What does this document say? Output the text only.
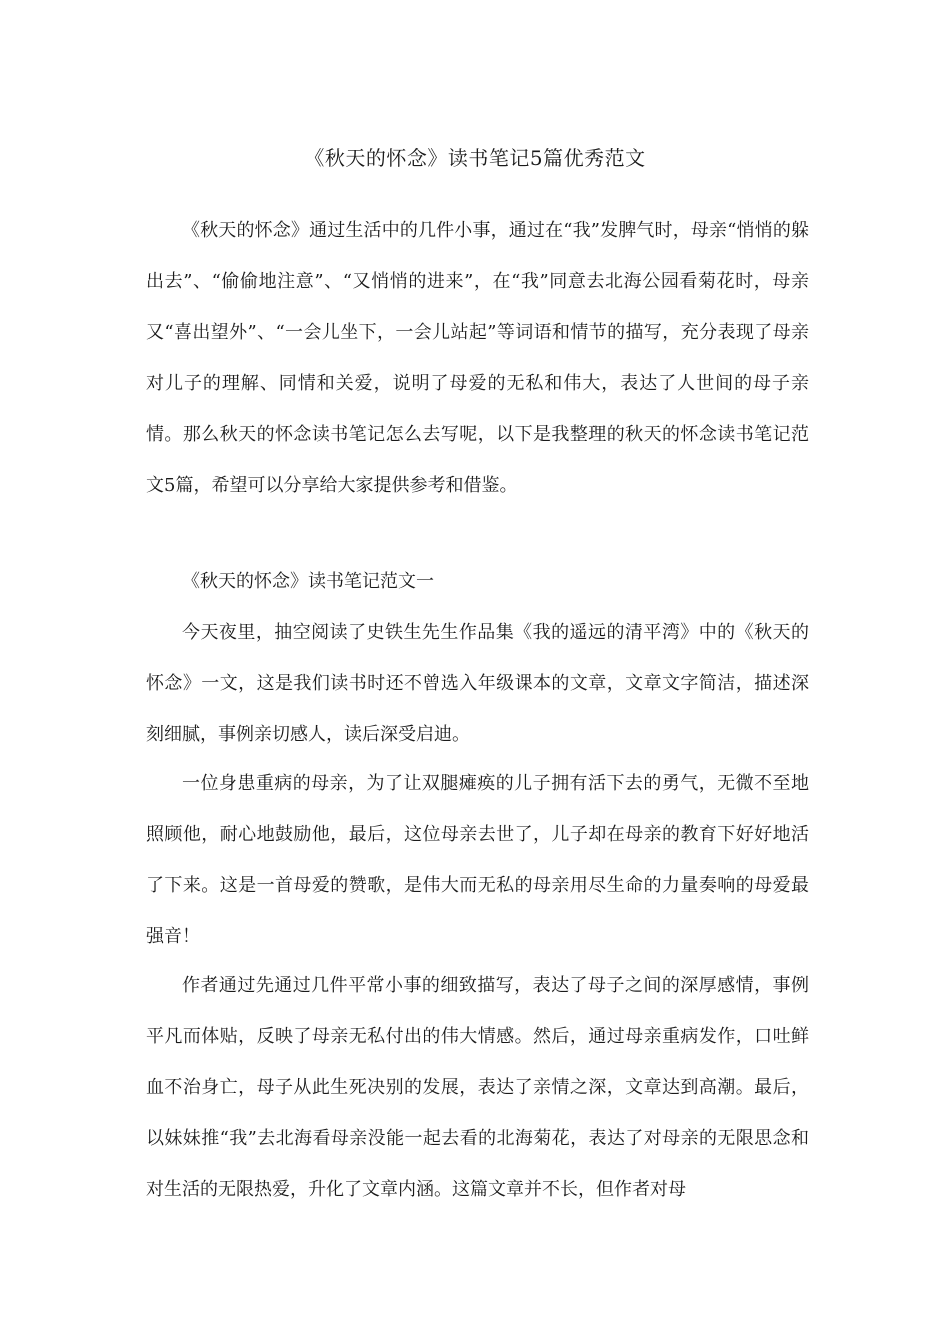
《秋天的怀念》读书笔记5篇优秀范文

《秋天的怀念》通过生活中的几件小事，通过在“我”发脾气时，母亲“悄悄的躲出去”、“偷偷地注意”、“又悄悄的进来”，在“我”同意去北海公园看菊花时，母亲又“喜出望外”、“一会儿坐下，一会儿站起”等词语和情节的描写，充分表现了母亲对儿子的理解、同情和关爱，说明了母爱的无私和伟大，表达了人世间的母子亲情。那么秋天的怀念读书笔记怎么去写呢，以下是我整理的秋天的怀念读书笔记范文5篇，希望可以分享给大家提供参考和借鉴。

《秋天的怀念》读书笔记范文一

今天夜里，抽空阅读了史铁生先生作品集《我的遥远的清平湾》中的《秋天的怀念》一文，这是我们读书时还不曾选入年级课本的文章，文章文字简洁，描述深刻细腻，事例亲切感人，读后深受启迪。

一位身患重病的母亲，为了让双腿瘫痪的儿子拥有活下去的勇气，无微不至地照顾他，耐心地鼓励他，最后，这位母亲去世了，儿子却在母亲的教育下好好地活了下来。这是一首母爱的赞歌，是伟大而无私的母亲用尽生命的力量奏响的母爱最强音！

作者通过先通过几件平常小事的细致描写，表达了母子之间的深厚感情，事例平凡而体贴，反映了母亲无私付出的伟大情感。然后，通过母亲重病发作，口吐鲜血不治身亡，母子从此生死决别的发展，表达了亲情之深，文章达到高潮。最后，以妹妹推“我”去北海看母亲没能一起去看的北海菊花，表达了对母亲的无限思念和对生活的无限热爱，升化了文章内涵。这篇文章并不长，但作者对母
